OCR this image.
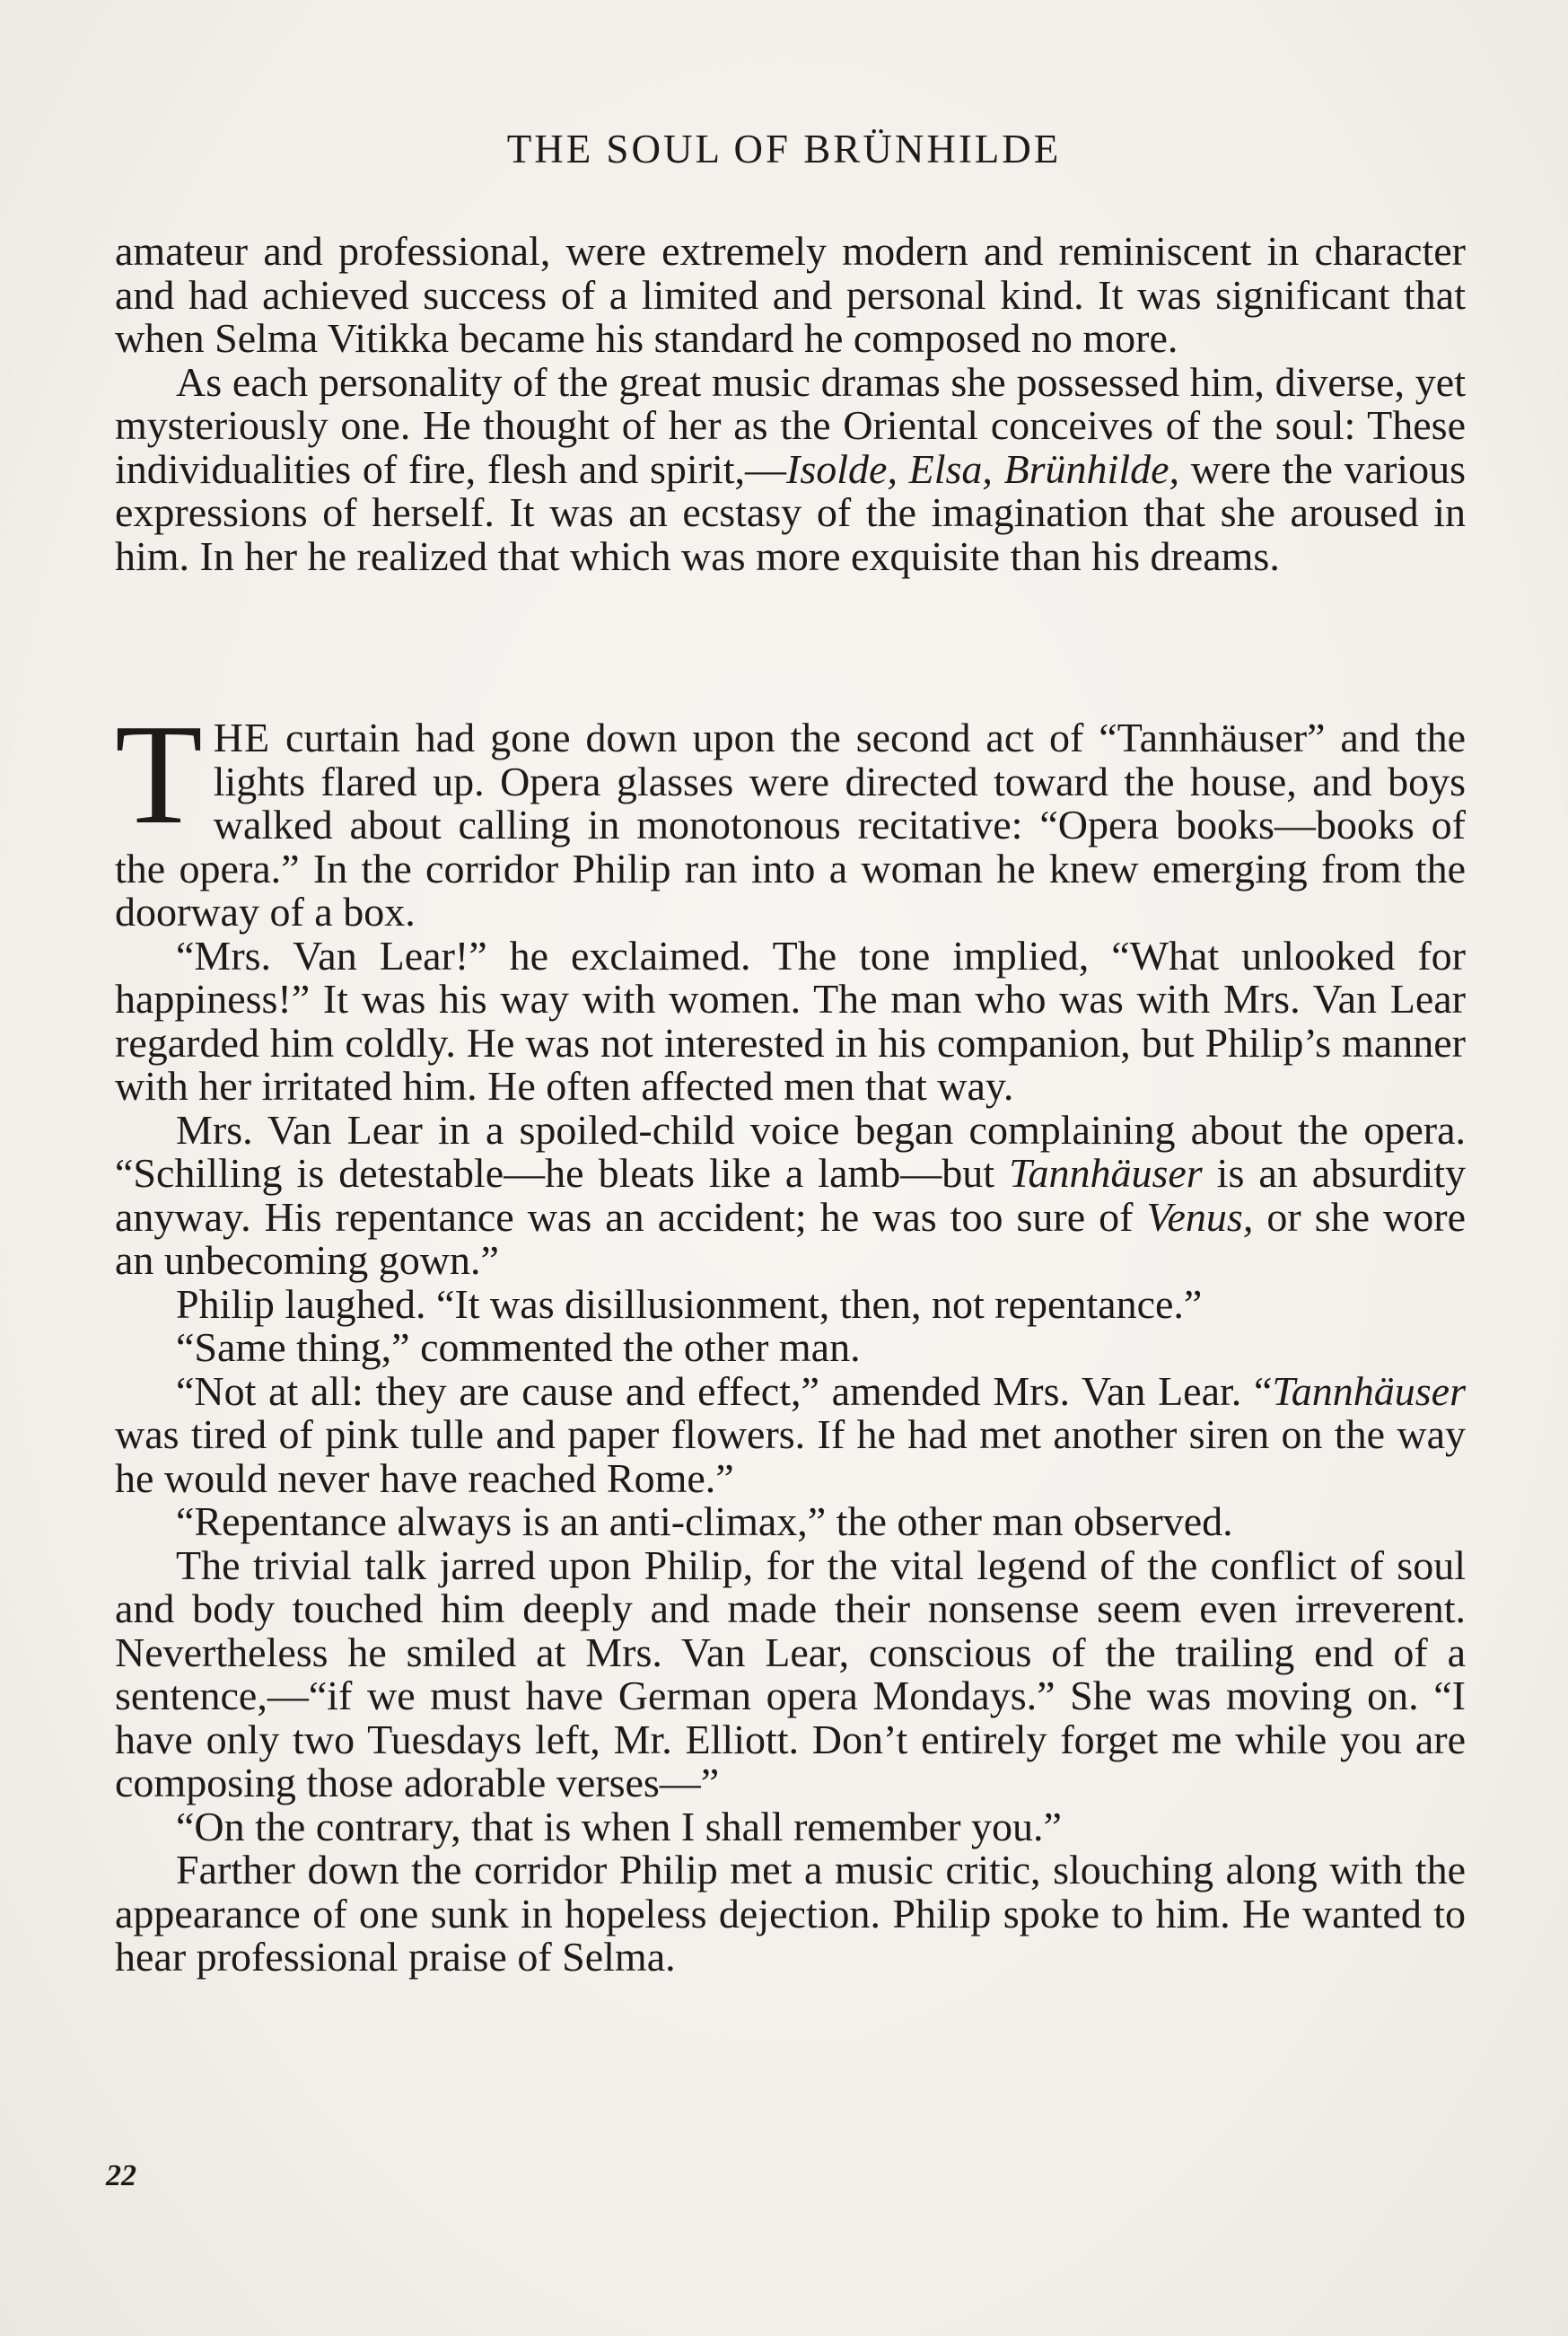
THE SOUL OF BRÜNHILDE

amateur and professional, were extremely modern and reminiscent in character and had achieved success of a limited and personal kind. It was significant that when Selma Vitikka became his standard he composed no more.

As each personality of the great music dramas she possessed him, diverse, yet mysteriously one. He thought of her as the Oriental conceives of the soul: These individualities of fire, flesh and spirit,—Isolde, Elsa, Brünhilde, were the various expressions of herself. It was an ecstasy of the imagination that she aroused in him. In her he realized that which was more exquisite than his dreams.

THE curtain had gone down upon the second act of “Tannhäuser” and the lights flared up. Opera glasses were directed toward the house, and boys walked about calling in monotonous recitative: “Opera books—books of the opera.” In the corridor Philip ran into a woman he knew emerging from the doorway of a box.

“Mrs. Van Lear!” he exclaimed. The tone implied, “What unlooked for happiness!” It was his way with women. The man who was with Mrs. Van Lear regarded him coldly. He was not interested in his companion, but Philip’s manner with her irritated him. He often affected men that way.

Mrs. Van Lear in a spoiled-child voice began complaining about the opera. “Schilling is detestable—he bleats like a lamb—but Tannhäuser is an absurdity anyway. His repentance was an accident; he was too sure of Venus, or she wore an unbecoming gown.”

Philip laughed. “It was disillusionment, then, not repentance.”

“Same thing,” commented the other man.

“Not at all: they are cause and effect,” amended Mrs. Van Lear. “Tannhäuser was tired of pink tulle and paper flowers. If he had met another siren on the way he would never have reached Rome.”

“Repentance always is an anti-climax,” the other man observed.

The trivial talk jarred upon Philip, for the vital legend of the conflict of soul and body touched him deeply and made their nonsense seem even irreverent. Nevertheless he smiled at Mrs. Van Lear, conscious of the trailing end of a sentence,—“if we must have German opera Mondays.” She was moving on. “I have only two Tuesdays left, Mr. Elliott. Don’t entirely forget me while you are composing those adorable verses—”

“On the contrary, that is when I shall remember you.”

Farther down the corridor Philip met a music critic, slouching along with the appearance of one sunk in hopeless dejection. Philip spoke to him. He wanted to hear professional praise of Selma.

22
